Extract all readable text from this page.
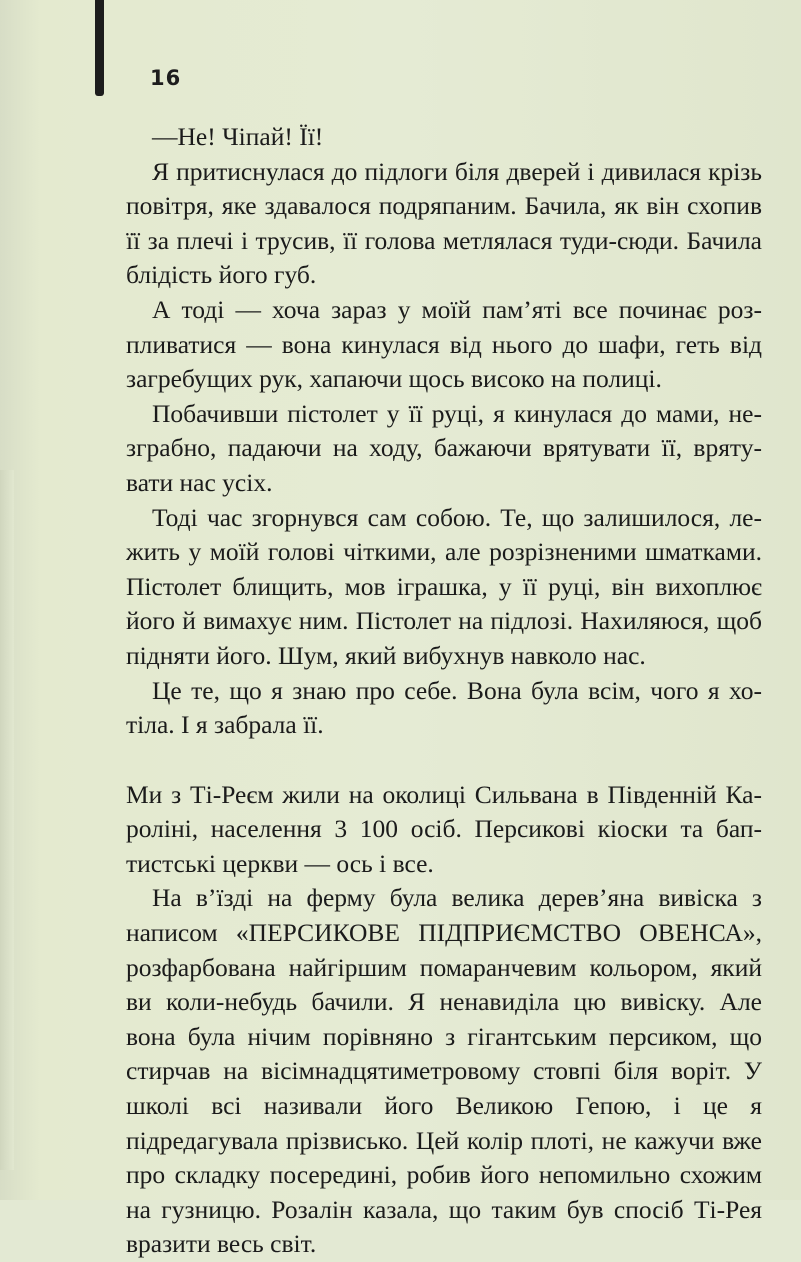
16

—Не! Чіпай! Її!

Я притиснулася до підлоги біля дверей і дивилася крізь повітря, яке здавалося подряпаним. Бачила, як він схопив її за плечі і трусив, її голова метлялася туди-сюди. Бачила блідість його губ.

А тоді — хоча зараз у моїй пам’яті все починає розпливатися — вона кинулася від нього до шафи, геть від загребущих рук, хапаючи щось високо на полиці.

Побачивши пістолет у її руці, я кинулася до мами, незграбно, падаючи на ходу, бажаючи врятувати її, врятувати нас усіх.

Тоді час згорнувся сам собою. Те, що залишилося, лежить у моїй голові чіткими, але розрізненими шматками. Пістолет блищить, мов іграшка, у її руці, він вихоплює його й вимахує ним. Пістолет на підлозі. Нахиляюся, щоб підняти його. Шум, який вибухнув навколо нас.

Це те, що я знаю про себе. Вона була всім, чого я хотіла. І я забрала її.

Ми з Ті-Реєм жили на околиці Сильвана в Південній Кароліні, населення 3 100 осіб. Персикові кіоски та баптистські церкви — ось і все.

На в’їзді на ферму була велика дерев’яна вивіска з написом «ПЕРСИКОВЕ ПІДПРИЄМСТВО ОВЕНСА», розфарбована найгіршим помаранчевим кольором, який ви коли-небудь бачили. Я ненавиділа цю вивіску. Але вона була нічим порівняно з гігантським персиком, що стирчав на вісімнадцятиметровому стовпі біля воріт. У школі всі називали його Великою Гепою, і це я підредагувала прізвисько. Цей колір плоті, не кажучи вже про складку посередині, робив його непомильно схожим на гузницю. Розалін казала, що таким був спосіб Ті-Рея вразити весь світ.
